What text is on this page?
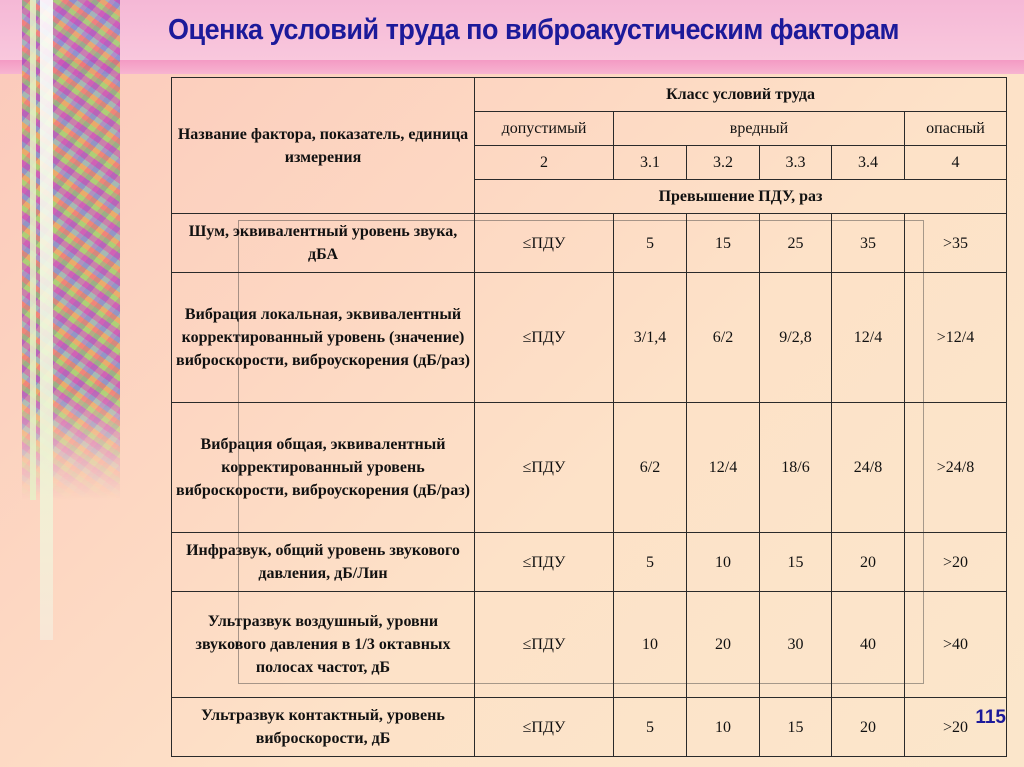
Оценка условий труда по виброакустическим факторам
Название фактора, показатель, единица измерения	Класс условий труда					
	допустимый	вредный				опасный
	2	3.1	3.2	3.3	3.4	4
	Превышение ПДУ, раз					
Шум, эквивалентный уровень звука, дБА	≤ПДУ	5	15	25	35	>35
Вибрация локальная, эквивалентный корректированный уровень (значение) виброскорости, виброускорения (дБ/раз)	≤ПДУ	3/1,4	6/2	9/2,8	12/4	>12/4
Вибрация общая, эквивалентный корректированный уровень виброскорости, виброускорения (дБ/раз)	≤ПДУ	6/2	12/4	18/6	24/8	>24/8
Инфразвук, общий уровень звукового давления, дБ/Лин	≤ПДУ	5	10	15	20	>20
Ультразвук воздушный, уровни звукового давления в 1/3 октавных полосах частот, дБ	≤ПДУ	10	20	30	40	>40
Ультразвук контактный, уровень виброскорости, дБ	≤ПДУ	5	10	15	20	>20 115
